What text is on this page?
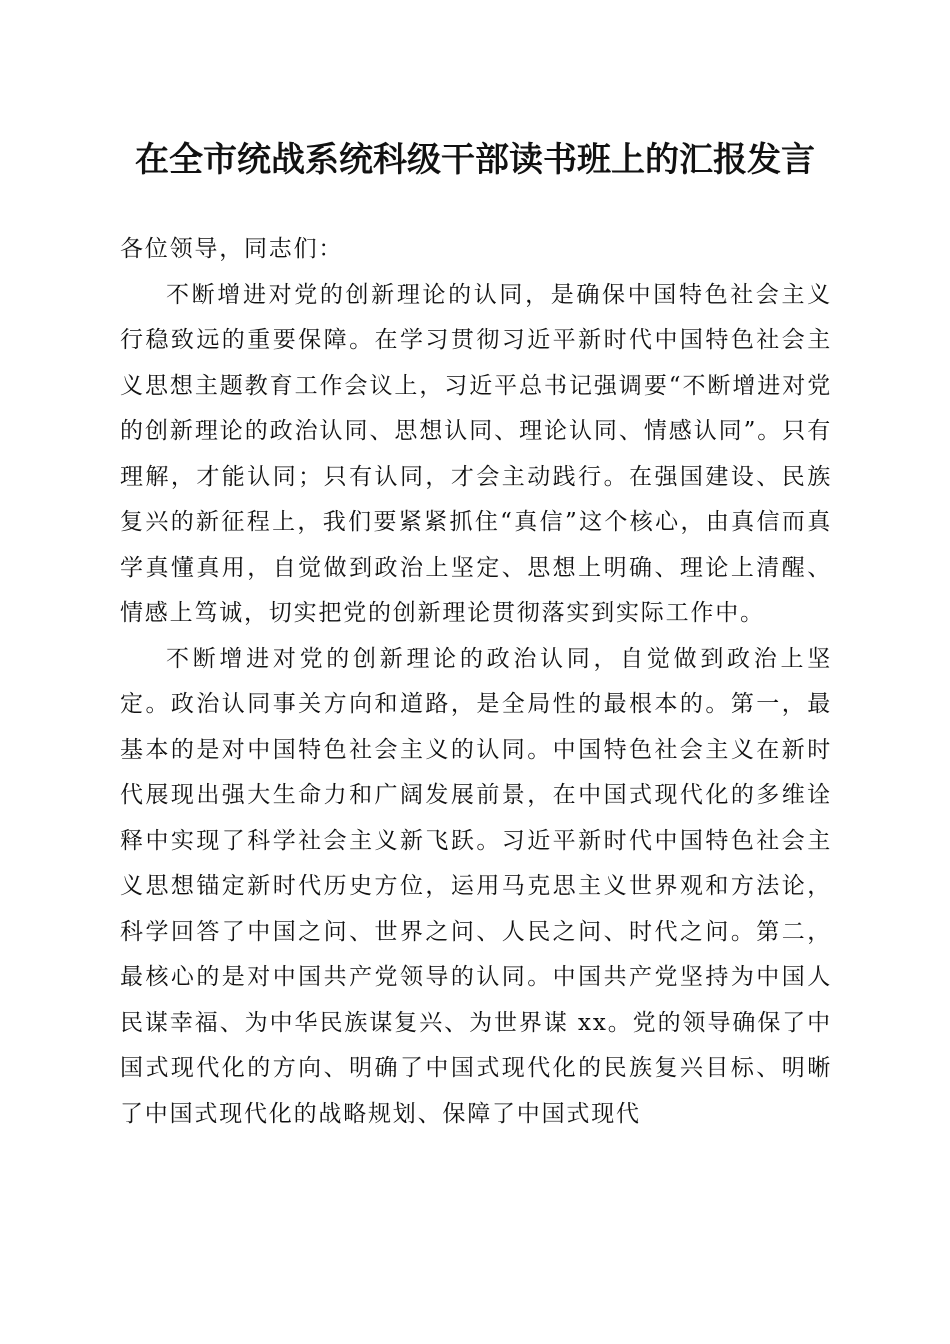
在全市统战系统科级干部读书班上的汇报发言

各位领导，同志们：

不断增进对党的创新理论的认同，是确保中国特色社会主义行稳致远的重要保障。在学习贯彻习近平新时代中国特色社会主义思想主题教育工作会议上，习近平总书记强调要“不断增进对党的创新理论的政治认同、思想认同、理论认同、情感认同”。只有理解，才能认同；只有认同，才会主动践行。在强国建设、民族复兴的新征程上，我们要紧紧抓住“真信”这个核心，由真信而真学真懂真用，自觉做到政治上坚定、思想上明确、理论上清醒、情感上笃诚，切实把党的创新理论贯彻落实到实际工作中。

不断增进对党的创新理论的政治认同，自觉做到政治上坚定。政治认同事关方向和道路，是全局性的最根本的。第一，最基本的是对中国特色社会主义的认同。中国特色社会主义在新时代展现出强大生命力和广阔发展前景，在中国式现代化的多维诠释中实现了科学社会主义新飞跃。习近平新时代中国特色社会主义思想锚定新时代历史方位，运用马克思主义世界观和方法论，科学回答了中国之问、世界之问、人民之问、时代之问。第二，最核心的是对中国共产党领导的认同。中国共产党坚持为中国人民谋幸福、为中华民族谋复兴、为世界谋 xx。党的领导确保了中国式现代化的方向、明确了中国式现代化的民族复兴目标、明晰了中国式现代化的战略规划、保障了中国式现代
